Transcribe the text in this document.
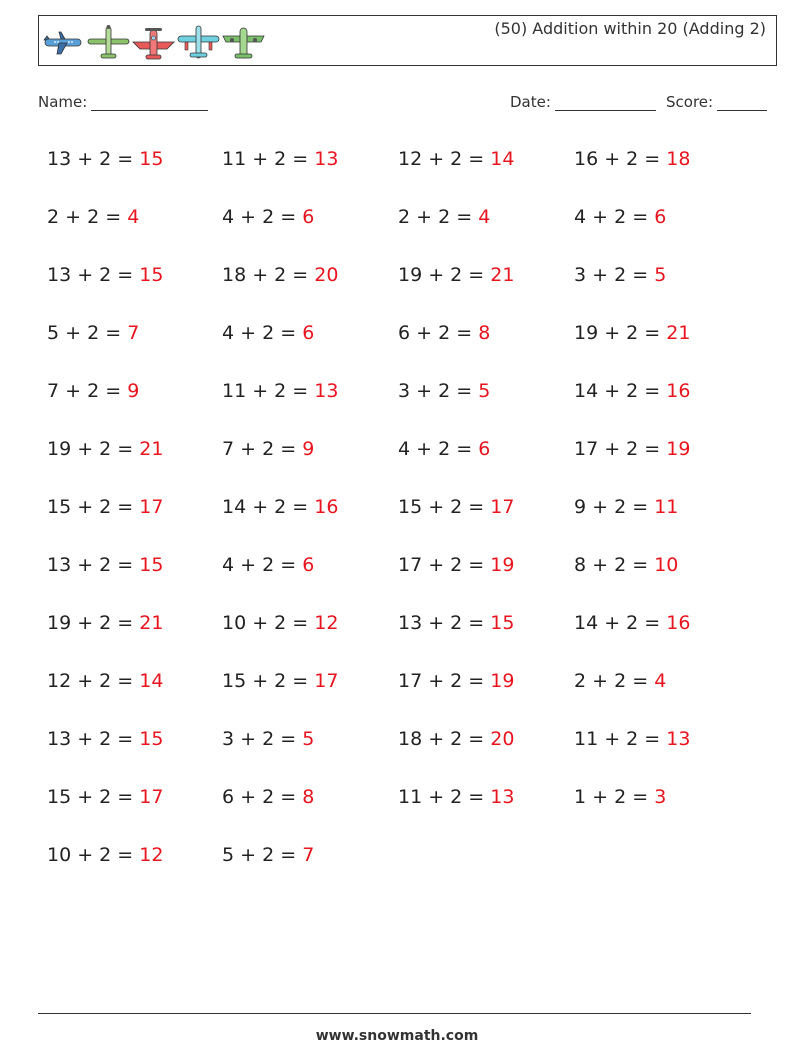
(50) Addition within 20 (Adding 2)
Name:	Date:	Score:
13 + 2 = 15	11 + 2 = 13	12 + 2 = 14	16 + 2 = 18
2 + 2 = 4	4 + 2 = 6	2 + 2 = 4	4 + 2 = 6
13 + 2 = 15	18 + 2 = 20	19 + 2 = 21	3 + 2 = 5
5 + 2 = 7	4 + 2 = 6	6 + 2 = 8	19 + 2 = 21
7 + 2 = 9	11 + 2 = 13	3 + 2 = 5	14 + 2 = 16
19 + 2 = 21	7 + 2 = 9	4 + 2 = 6	17 + 2 = 19
15 + 2 = 17	14 + 2 = 16	15 + 2 = 17	9 + 2 = 11
13 + 2 = 15	4 + 2 = 6	17 + 2 = 19	8 + 2 = 10
19 + 2 = 21	10 + 2 = 12	13 + 2 = 15	14 + 2 = 16
12 + 2 = 14	15 + 2 = 17	17 + 2 = 19	2 + 2 = 4
13 + 2 = 15	3 + 2 = 5	18 + 2 = 20	11 + 2 = 13
15 + 2 = 17	6 + 2 = 8	11 + 2 = 13	1 + 2 = 3
10 + 2 = 12	5 + 2 = 7
www.snowmath.com
